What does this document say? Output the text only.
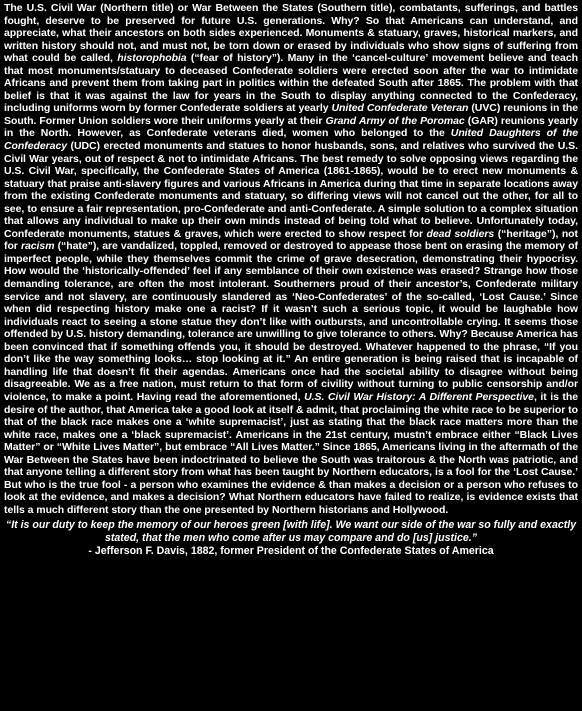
The U.S. Civil War (Northern title) or War Between the States (Southern title), combatants, sufferings, and battles fought, deserve to be preserved for future U.S. generations. Why? So that Americans can understand, and appreciate, what their ancestors on both sides experienced. Monuments & statuary, graves, historical markers, and written history should not, and must not, be torn down or erased by individuals who show signs of suffering from what could be called, historophobia (“fear of history”). Many in the ‘cancel-culture’ movement believe and teach that most monuments/statuary to deceased Confederate soldiers were erected soon after the war to intimidate Africans and prevent them from taking part in politics within the defeated South after 1865. The problem with that belief is that it was against the law for years in the South to display anything connected to the Confederacy, including uniforms worn by former Confederate soldiers at yearly United Confederate Veteran (UVC) reunions in the South. Former Union soldiers wore their uniforms yearly at their Grand Army of the Poromac (GAR) reunions yearly in the North. However, as Confederate veterans died, women who belonged to the United Daughters of the Confederacy (UDC) erected monuments and statues to honor husbands, sons, and relatives who survived the U.S. Civil War years, out of respect & not to intimidate Africans. The best remedy to solve opposing views regarding the U.S. Civil War, specifically, the Confederate States of America (1861-1865), would be to erect new monuments & statuary that praise anti-slavery figures and various Africans in America during that time in separate locations away from the existing Confederate monuments and statuary, so differing views will not cancel out the other, for all to see, to ensure a fair representation, pro-Confederate and anti-Confederate. A simple solution to a complex situation that allows any individual to make up their own minds instead of being told what to believe. Unfortunately today, Confederate monuments, statues & graves, which were erected to show respect for dead soldiers (“heritage”), not for racism (“hate”), are vandalized, toppled, removed or destroyed to appease those bent on erasing the memory of imperfect people, while they themselves commit the crime of grave desecration, demonstrating their hypocrisy. How would the ‘historically-offended’ feel if any semblance of their own existence was erased? Strange how those demanding tolerance, are often the most intolerant. Southerners proud of their ancestor’s, Confederate military service and not slavery, are continuously slandered as ‘Neo-Confederates’ of the so-called, ‘Lost Cause.’ Since when did respecting history make one a racist? If it wasn’t such a serious topic, it would be laughable how individuals react to seeing a stone statue they don’t like with outbursts, and uncontrollable crying. It seems those offended by U.S. history demanding, tolerance are unwilling to give tolerance to others. Why? Because America has been convinced that if something offends you, it should be destroyed. Whatever happened to the phrase, “If you don’t like the way something looks… stop looking at it.” An entire generation is being raised that is incapable of handling life that doesn’t fit their agendas. Americans once had the societal ability to disagree without being disagreeable. We as a free nation, must return to that form of civility without turning to public censorship and/or violence, to make a point. Having read the aforementioned, U.S. Civil War History: A Different Perspective, it is the desire of the author, that America take a good look at itself & admit, that proclaiming the white race to be superior to that of the black race makes one a ‘white supremacist’, just as stating that the black race matters more than the white race, makes one a ‘black supremacist’. Americans in the 21st century, mustn’t embrace either “Black Lives Matter” or “White Lives Matter”, but embrace “All Lives Matter.” Since 1865, Americans living in the aftermath of the War Between the States have been indoctrinated to believe the South was traitorous & the North was patriotic, and that anyone telling a different story from what has been taught by Northern educators, is a fool for the ‘Lost Cause.’ But who is the true fool - a person who examines the evidence & than makes a decision or a person who refuses to look at the evidence, and makes a decision? What Northern educators have failed to realize, is evidence exists that tells a much different story than the one presented by Northern historians and Hollywood.

“It is our duty to keep the memory of our heroes green [with life]. We want our side of the war so fully and exactly stated, that the men who come after us may compare and do [us] justice.”

- Jefferson F. Davis, 1882, former President of the Confederate States of America
